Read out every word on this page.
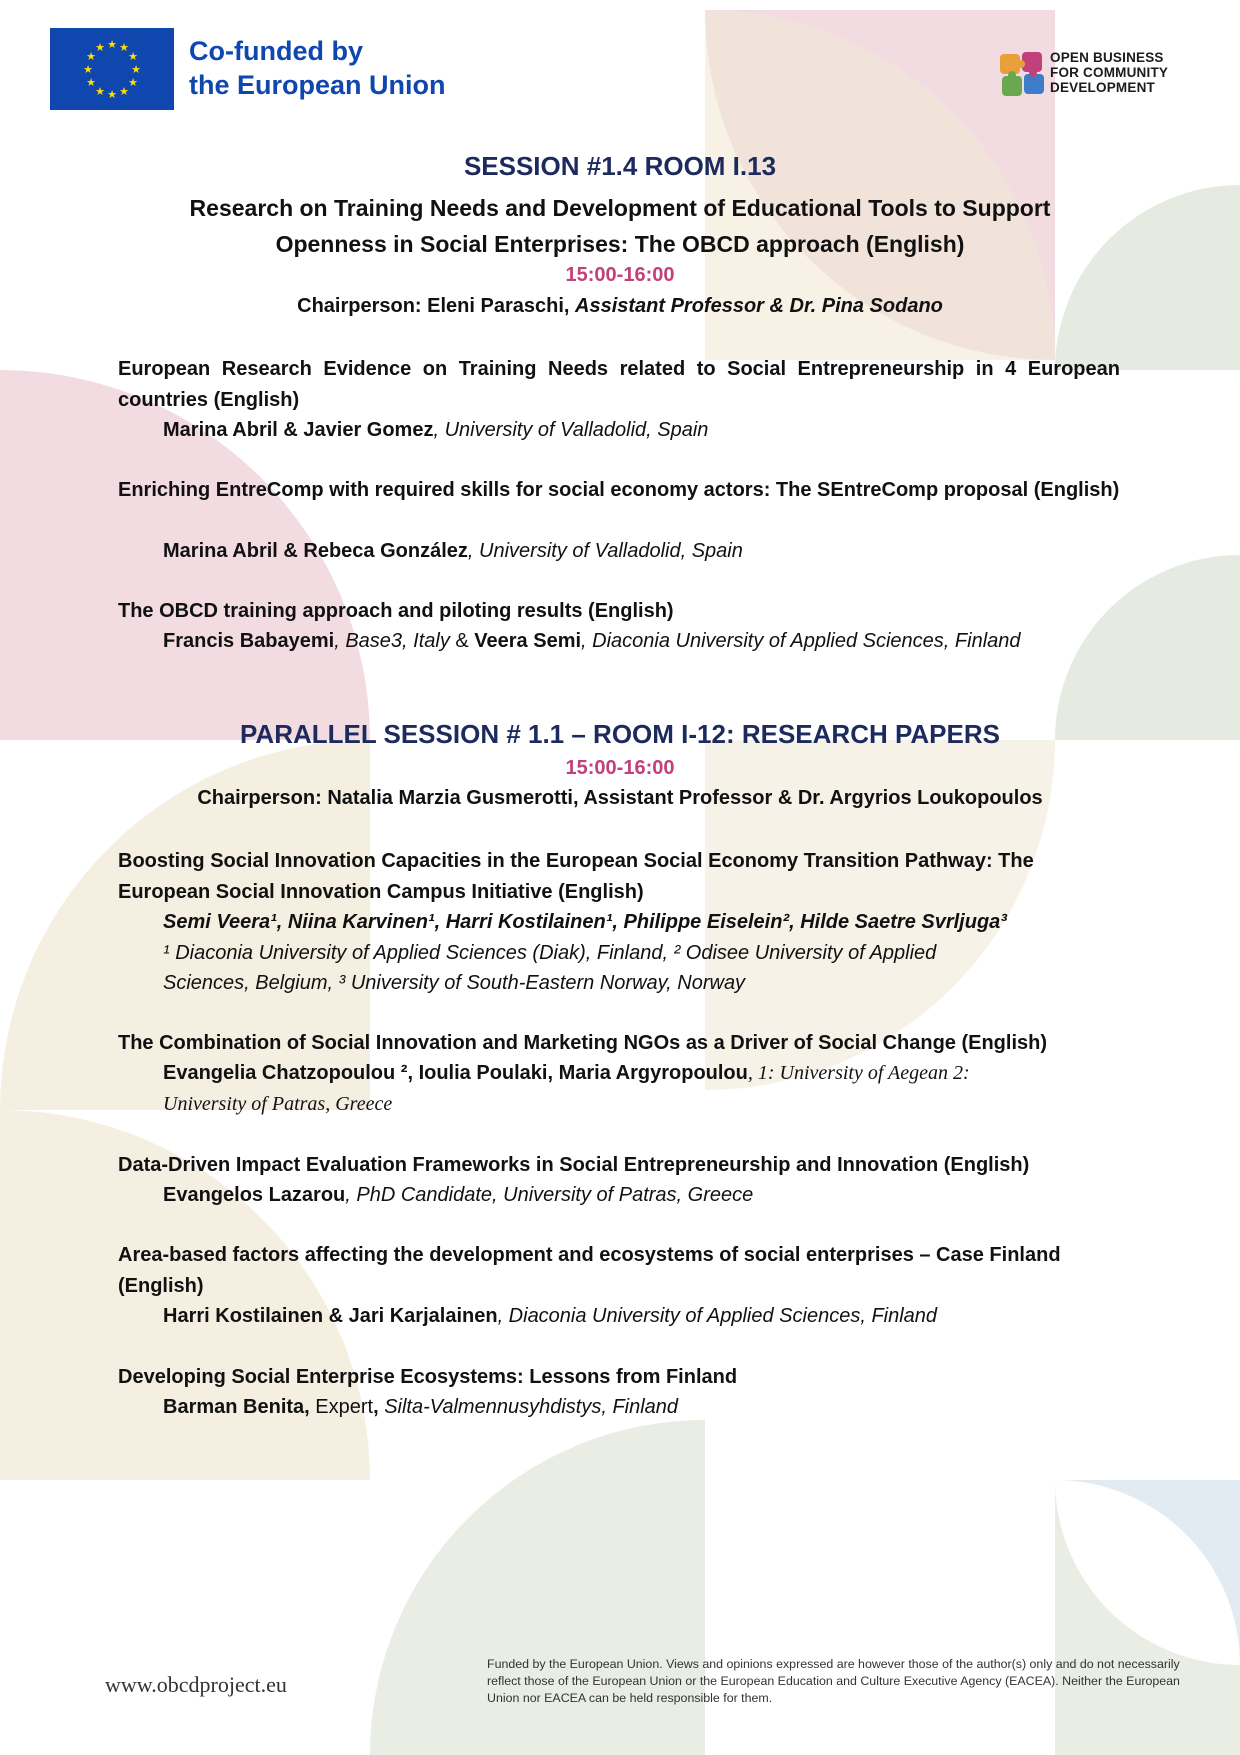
★ ★
★
★
★
★
★
★
★
★
★
★	Co-funded by
the European Union
OPEN BUSINESS
FOR COMMUNITY
DEVELOPMENT
SESSION #1.4 ROOM I.13
Research on Training Needs and Development of Educational Tools to Support
Openness in Social Enterprises: The OBCD approach (English)
15:00-16:00
Chairperson: Eleni Paraschi, Assistant Professor & Dr. Pina Sodano
European Research Evidence on Training Needs related to Social Entrepreneurship in 4 European countries (English)
Marina Abril & Javier Gomez, University of Valladolid, Spain
Enriching EntreComp with required skills for social economy actors: The SEntreComp proposal (English)
Marina Abril & Rebeca González, University of Valladolid, Spain
The OBCD training approach and piloting results (English)
Francis Babayemi, Base3, Italy & Veera Semi, Diaconia University of Applied Sciences, Finland
PARALLEL SESSION # 1.1 – ROOM I-12: RESEARCH PAPERS
15:00-16:00
Chairperson: Natalia Marzia Gusmerotti, Assistant Professor & Dr. Argyrios Loukopoulos
Boosting Social Innovation Capacities in the European Social Economy Transition Pathway: The
European Social Innovation Campus Initiative (English)
Semi Veera¹, Niina Karvinen¹, Harri Kostilainen¹, Philippe Eiselein², Hilde Saetre Svrljuga³
¹ Diaconia University of Applied Sciences (Diak), Finland, ² Odisee University of Applied
Sciences, Belgium, ³ University of South-Eastern Norway, Norway
The Combination of Social Innovation and Marketing NGOs as a Driver of Social Change (English)
Evangelia Chatzopoulou ², Ioulia Poulaki, Maria Argyropoulou, 1: University of Aegean 2:
University of Patras, Greece
Data-Driven Impact Evaluation Frameworks in Social Entrepreneurship and Innovation (English)
Evangelos Lazarou, PhD Candidate, University of Patras, Greece
Area-based factors affecting the development and ecosystems of social enterprises – Case Finland
(English)
Harri Kostilainen & Jari Karjalainen, Diaconia University of Applied Sciences, Finland
Developing Social Enterprise Ecosystems: Lessons from Finland
Barman Benita, Expert, Silta-Valmennusyhdistys, Finland
www.obcdproject.eu
Funded by the European Union. Views and opinions expressed are however those of the author(s) only and do not necessarily reflect those of the European Union or the European Education and Culture Executive Agency (EACEA). Neither the European Union nor EACEA can be held responsible for them.
